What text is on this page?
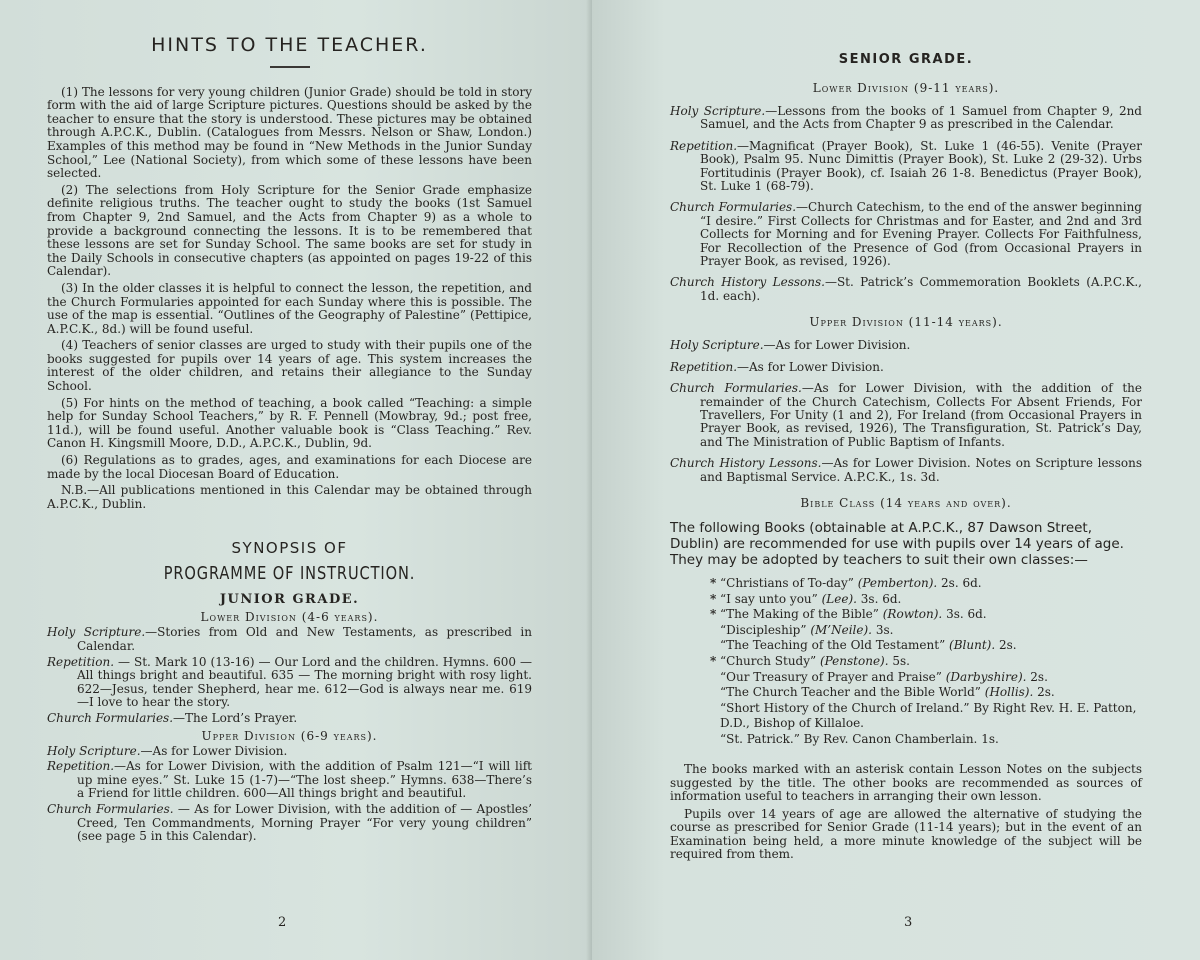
HINTS TO THE TEACHER.

(1) The lessons for very young children (Junior Grade) should be told in story form with the aid of large Scripture pictures. Questions should be asked by the teacher to ensure that the story is understood. These pictures may be obtained through A.P.C.K., Dublin. (Catalogues from Messrs. Nelson or Shaw, London.) Examples of this method may be found in “New Methods in the Junior Sunday School,” Lee (National Society), from which some of these lessons have been selected.

(2) The selections from Holy Scripture for the Senior Grade emphasize definite religious truths. The teacher ought to study the books (1st Samuel from Chapter 9, 2nd Samuel, and the Acts from Chapter 9) as a whole to provide a background connecting the lessons. It is to be remembered that these lessons are set for Sunday School. The same books are set for study in the Daily Schools in consecutive chapters (as appointed on pages 19-22 of this Calendar).

(3) In the older classes it is helpful to connect the lesson, the repetition, and the Church Formularies appointed for each Sunday where this is possible. The use of the map is essential. “Outlines of the Geography of Palestine” (Pettipice, A.P.C.K., 8d.) will be found useful.

(4) Teachers of senior classes are urged to study with their pupils one of the books suggested for pupils over 14 years of age. This system increases the interest of the older children, and retains their allegiance to the Sunday School.

(5) For hints on the method of teaching, a book called “Teaching: a simple help for Sunday School Teachers,” by R. F. Pennell (Mowbray, 9d.; post free, 11d.), will be found useful. Another valuable book is “Class Teaching.” Rev. Canon H. Kingsmill Moore, D.D., A.P.C.K., Dublin, 9d.

(6) Regulations as to grades, ages, and examinations for each Diocese are made by the local Diocesan Board of Education.

N.B.—All publications mentioned in this Calendar may be obtained through A.P.C.K., Dublin.

SYNOPSIS OF
PROGRAMME OF INSTRUCTION.
JUNIOR GRADE.
Lower Division (4-6 years).

Holy Scripture.—Stories from Old and New Testaments, as prescribed in Calendar.

Repetition. — St. Mark 10 (13-16) — Our Lord and the children. Hymns. 600 — All things bright and beautiful. 635 — The morning bright with rosy light. 622—Jesus, tender Shepherd, hear me. 612—God is always near me. 619—I love to hear the story.

Church Formularies.—The Lord’s Prayer.

Upper Division (6-9 years).

Holy Scripture.—As for Lower Division.

Repetition.—As for Lower Division, with the addition of Psalm 121—“I will lift up mine eyes.” St. Luke 15 (1-7)—“The lost sheep.” Hymns. 638—There’s a Friend for little children. 600—All things bright and beautiful.

Church Formularies. — As for Lower Division, with the addition of — Apostles’ Creed, Ten Commandments, Morning Prayer “For very young children” (see page 5 in this Calendar).

2
SENIOR GRADE.
Lower Division (9-11 years).

Holy Scripture.—Lessons from the books of 1 Samuel from Chapter 9, 2nd Samuel, and the Acts from Chapter 9 as prescribed in the Calendar.

Repetition.—Magnificat (Prayer Book), St. Luke 1 (46-55). Venite (Prayer Book), Psalm 95. Nunc Dimittis (Prayer Book), St. Luke 2 (29-32). Urbs Fortitudinis (Prayer Book), cf. Isaiah 26 1-8. Benedictus (Prayer Book), St. Luke 1 (68-79).

Church Formularies.—Church Catechism, to the end of the answer beginning “I desire.” First Collects for Christmas and for Easter, and 2nd and 3rd Collects for Morning and for Evening Prayer. Collects For Faithfulness, For Recollection of the Presence of God (from Occasional Prayers in Prayer Book, as revised, 1926).

Church History Lessons.—St. Patrick’s Commemoration Booklets (A.P.C.K., 1d. each).

Upper Division (11-14 years).

Holy Scripture.—As for Lower Division.

Repetition.—As for Lower Division.

Church Formularies.—As for Lower Division, with the addition of the remainder of the Church Catechism, Collects For Absent Friends, For Travellers, For Unity (1 and 2), For Ireland (from Occasional Prayers in Prayer Book, as revised, 1926), The Transfiguration, St. Patrick’s Day, and The Ministration of Public Baptism of Infants.

Church History Lessons.—As for Lower Division. Notes on Scripture lessons and Baptismal Service. A.P.C.K., 1s. 3d.

Bible Class (14 years and over).

The following Books (obtainable at A.P.C.K., 87 Dawson Street, Dublin) are recommended for use with pupils over 14 years of age. They may be adopted by teachers to suit their own classes:—

* “Christians of To-day” (Pemberton). 2s. 6d.
* “I say unto you” (Lee). 3s. 6d.
* “The Making of the Bible” (Rowton). 3s. 6d.
“Discipleship” (M’Neile). 3s.
“The Teaching of the Old Testament” (Blunt). 2s.
* “Church Study” (Penstone). 5s.
“Our Treasury of Prayer and Praise” (Darbyshire). 2s.
“The Church Teacher and the Bible World” (Hollis). 2s.
“Short History of the Church of Ireland.” By Right Rev. H. E. Patton, D.D., Bishop of Killaloe.
“St. Patrick.” By Rev. Canon Chamberlain. 1s.

The books marked with an asterisk contain Lesson Notes on the subjects suggested by the title. The other books are recommended as sources of information useful to teachers in arranging their own lesson.

Pupils over 14 years of age are allowed the alternative of studying the course as prescribed for Senior Grade (11-14 years); but in the event of an Examination being held, a more minute knowledge of the subject will be required from them.

3
